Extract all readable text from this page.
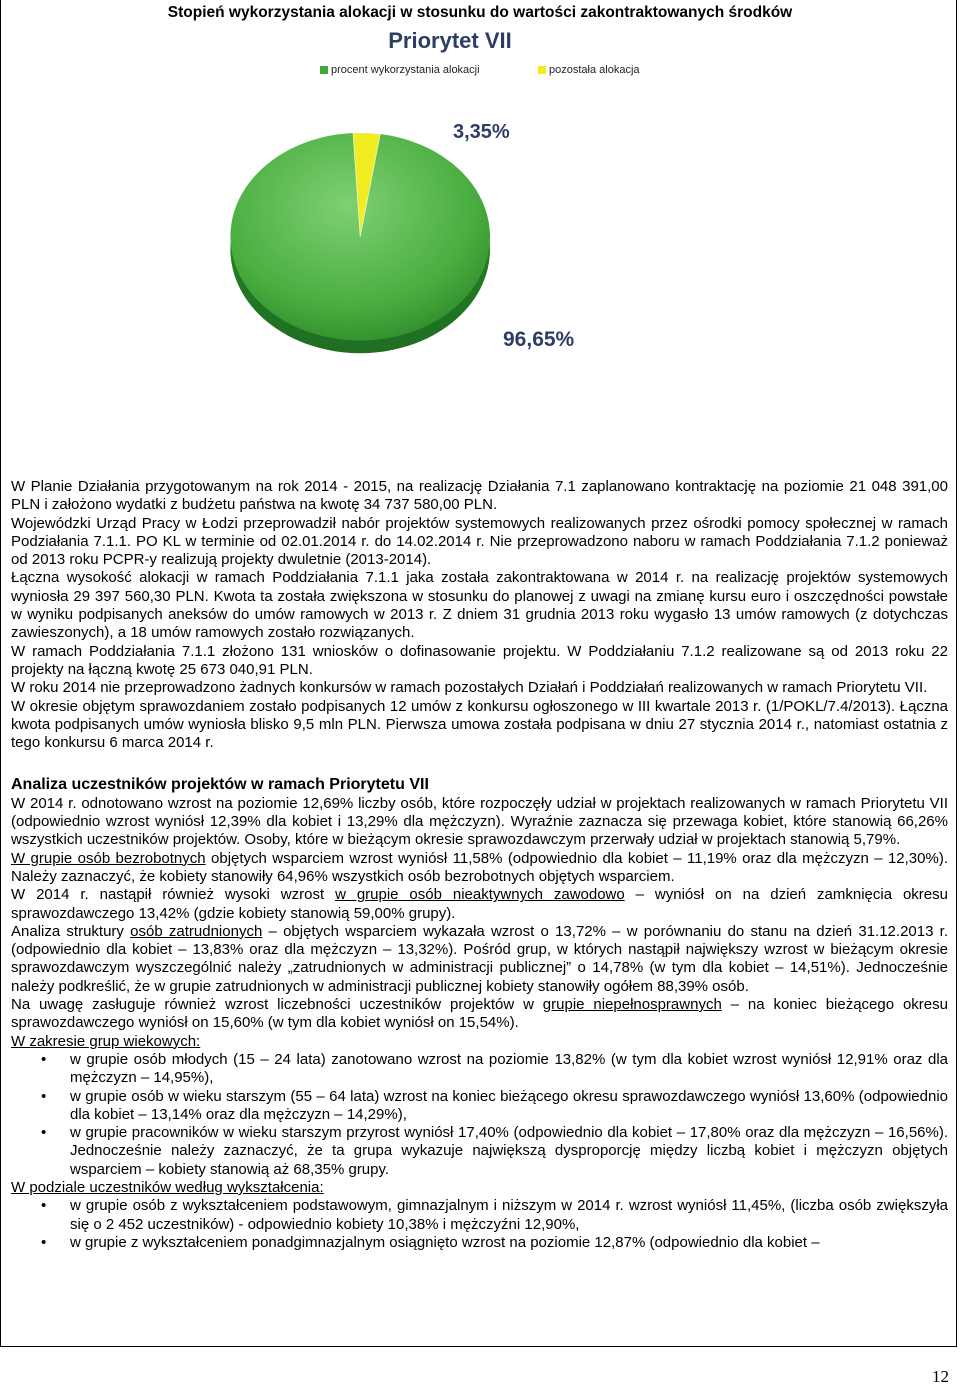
Stopień wykorzystania alokacji w stosunku do wartości zakontraktowanych środków
Priorytet VII
procent wykorzystania alokacji	pozostała alokacja
3,35%
96,65%

W Planie Działania przygotowanym na rok 2014 - 2015, na realizację Działania 7.1 zaplanowano kontraktację na poziomie 21 048 391,00 PLN i założono wydatki z budżetu państwa na kwotę 34 737 580,00 PLN.

Wojewódzki Urząd Pracy w Łodzi przeprowadził nabór projektów systemowych realizowanych przez ośrodki pomocy społecznej w ramach Podziałania 7.1.1. PO KL w terminie od 02.01.2014 r. do 14.02.2014 r. Nie przeprowadzono naboru w ramach Poddziałania 7.1.2 ponieważ od 2013 roku PCPR-y realizują projekty dwuletnie (2013-2014).

Łączna wysokość alokacji w ramach Poddziałania 7.1.1 jaka została zakontraktowana w 2014 r. na realizację projektów systemowych wyniosła 29 397 560,30 PLN. Kwota ta została zwiększona w stosunku do planowej z uwagi na zmianę kursu euro i oszczędności powstałe w wyniku podpisanych aneksów do umów ramowych w 2013 r. Z dniem 31 grudnia 2013 roku wygasło 13 umów ramowych (z dotychczas zawieszonych), a 18 umów ramowych zostało rozwiązanych.

W ramach Poddziałania 7.1.1 złożono 131 wniosków o dofinasowanie projektu. W Poddziałaniu 7.1.2 realizowane są od 2013 roku 22 projekty na łączną kwotę 25 673 040,91 PLN.

W roku 2014 nie przeprowadzono żadnych konkursów w ramach pozostałych Działań i Poddziałań realizowanych w ramach Priorytetu VII.

W okresie objętym sprawozdaniem zostało podpisanych 12 umów z konkursu ogłoszonego w III kwartale 2013 r. (1/POKL/7.4/2013). Łączna kwota podpisanych umów wyniosła blisko 9,5 mln PLN. Pierwsza umowa została podpisana w dniu 27 stycznia 2014 r., natomiast ostatnia z tego konkursu 6 marca 2014 r.

Analiza uczestników projektów w ramach Priorytetu VII

W 2014 r. odnotowano wzrost na poziomie 12,69% liczby osób, które rozpoczęły udział w projektach realizowanych w ramach Priorytetu VII (odpowiednio wzrost wyniósł 12,39% dla kobiet i 13,29% dla mężczyzn). Wyraźnie zaznacza się przewaga kobiet, które stanowią 66,26% wszystkich uczestników projektów. Osoby, które w bieżącym okresie sprawozdawczym przerwały udział w projektach stanowią 5,79%.

W grupie osób bezrobotnych objętych wsparciem wzrost wyniósł 11,58% (odpowiednio dla kobiet – 11,19% oraz dla mężczyzn – 12,30%). Należy zaznaczyć, że kobiety stanowiły 64,96% wszystkich osób bezrobotnych objętych wsparciem.

W 2014 r. nastąpił również wysoki wzrost w grupie osób nieaktywnych zawodowo – wyniósł on na dzień zamknięcia okresu sprawozdawczego 13,42% (gdzie kobiety stanowią 59,00% grupy).

Analiza struktury osób zatrudnionych – objętych wsparciem wykazała wzrost o 13,72% – w porównaniu do stanu na dzień 31.12.2013 r. (odpowiednio dla kobiet – 13,83% oraz dla mężczyzn – 13,32%). Pośród grup, w których nastąpił największy wzrost w bieżącym okresie sprawozdawczym wyszczególnić należy „zatrudnionych w administracji publicznej” o 14,78% (w tym dla kobiet – 14,51%). Jednocześnie należy podkreślić, że w grupie zatrudnionych w administracji publicznej kobiety stanowiły ogółem 88,39% osób.

Na uwagę zasługuje również wzrost liczebności uczestników projektów w grupie niepełnosprawnych – na koniec bieżącego okresu sprawozdawczego wyniósł on 15,60% (w tym dla kobiet wyniósł on 15,54%).

W zakresie grup wiekowych:

• w grupie osób młodych (15 – 24 lata) zanotowano wzrost na poziomie 13,82% (w tym dla kobiet wzrost wyniósł 12,91% oraz dla mężczyzn – 14,95%),
• w grupie osób w wieku starszym (55 – 64 lata) wzrost na koniec bieżącego okresu sprawozdawczego wyniósł 13,60% (odpowiednio dla kobiet – 13,14% oraz dla mężczyzn – 14,29%),
• w grupie pracowników w wieku starszym przyrost wyniósł 17,40% (odpowiednio dla kobiet – 17,80% oraz dla mężczyzn – 16,56%). Jednocześnie należy zaznaczyć, że ta grupa wykazuje największą dysproporcję między liczbą kobiet i mężczyzn objętych wsparciem – kobiety stanowią aż 68,35% grupy.

W podziale uczestników według wykształcenia:

• w grupie osób z wykształceniem podstawowym, gimnazjalnym i niższym w 2014 r. wzrost wyniósł 11,45%, (liczba osób zwiększyła się o 2 452 uczestników) - odpowiednio kobiety 10,38% i mężczyźni 12,90%,
• w grupie z wykształceniem ponadgimnazjalnym osiągnięto wzrost na poziomie 12,87% (odpowiednio dla kobiet –
12
